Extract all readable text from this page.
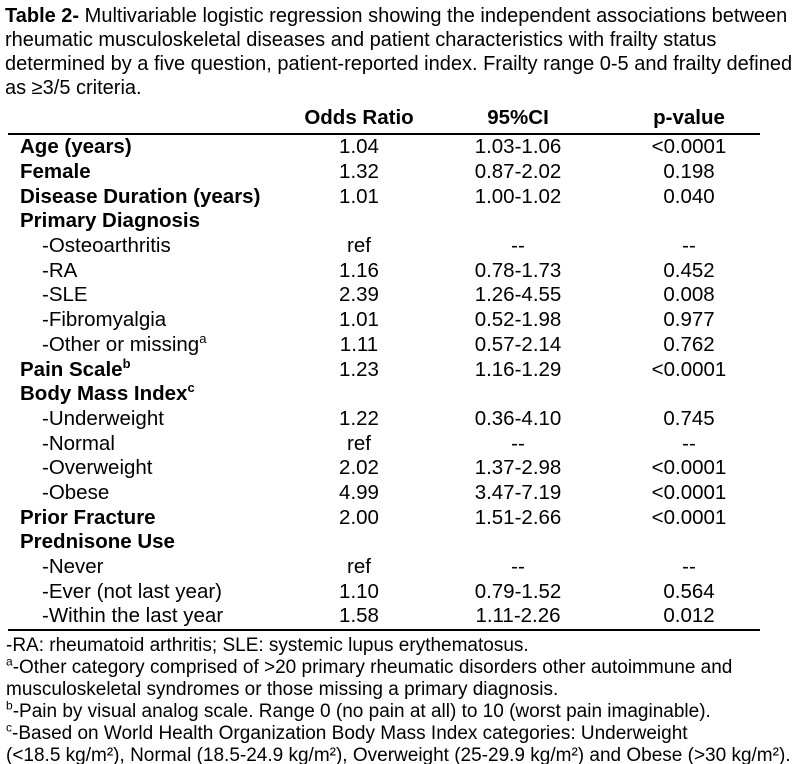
Table 2- Multivariable logistic regression showing the independent associations between rheumatic musculoskeletal diseases and patient characteristics with frailty status determined by a five question, patient-reported index. Frailty range 0-5 and frailty defined as ≥3/5 criteria.

	Odds Ratio	95%CI	p-value
Age (years)	1.04	1.03-1.06	<0.0001
Female	1.32	0.87-2.02	0.198
Disease Duration (years)	1.01	1.00-1.02	0.040
Primary Diagnosis			
-Osteoarthritis	ref	--	--
-RA	1.16	0.78-1.73	0.452
-SLE	2.39	1.26-4.55	0.008
-Fibromyalgia	1.01	0.52-1.98	0.977
-Other or missing$^a$	1.11	0.57-2.14	0.762
Pain Scale$^b$	1.23	1.16-1.29	<0.0001
Body Mass Index$^c$			
-Underweight	1.22	0.36-4.10	0.745
-Normal	ref	--	--
-Overweight	2.02	1.37-2.98	<0.0001
-Obese	4.99	3.47-7.19	<0.0001
Prior Fracture	2.00	1.51-2.66	<0.0001
Prednisone Use			
-Never	ref	--	--
-Ever (not last year)	1.10	0.79-1.52	0.564
-Within the last year	1.58	1.11-2.26	0.012

-RA: rheumatoid arthritis; SLE: systemic lupus erythematosus.

$^a$-Other category comprised of >20 primary rheumatic disorders other autoimmune and

musculoskeletal syndromes or those missing a primary diagnosis.

$^b$-Pain by visual analog scale. Range 0 (no pain at all) to 10 (worst pain imaginable).

$^c$-Based on World Health Organization Body Mass Index categories: Underweight

(<18.5 kg/m²), Normal (18.5-24.9 kg/m²), Overweight (25-29.9 kg/m²) and Obese (>30 kg/m²).
